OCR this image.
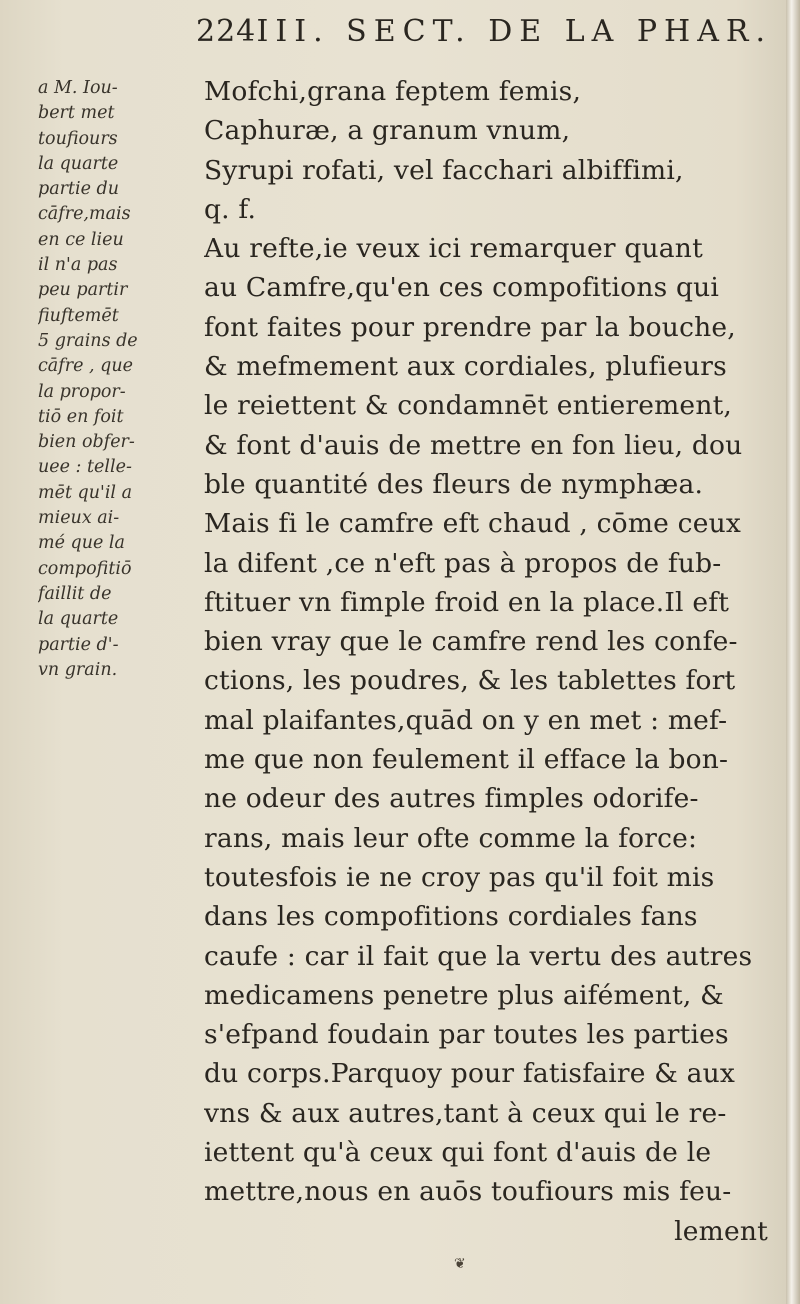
224 III. SECT. DE LA PHAR.
a M. Iou-
bert met
toufiours
la quarte
partie du
cāfre,mais
en ce lieu
il n'a pas
peu partir
fiuftemēt
5 grains de
cāfre , que
la propor-
tiō en foit
bien obfer-
uee : telle-
mēt qu'il a
mieux ai-
mé que la
compofitiō
faillit de
la quarte
partie d'-
vn grain.
Mofchi,grana feptem femis,
Caphuræ, a granum vnum,
Syrupi rofati, vel facchari albiffimi,
q. f.
Au refte,ie veux ici remarquer quant
au Camfre,qu'en ces compofitions qui
font faites pour prendre par la bouche,
& mefmement aux cordiales, plufieurs
le reiettent & condamnēt entierement,
& font d'auis de mettre en fon lieu, dou
ble quantité des fleurs de nymphæa.
Mais fi le camfre eft chaud , cōme ceux
la difent ,ce n'eft pas à propos de fub-
ftituer vn fimple froid en la place.Il eft
bien vray que le camfre rend les confe-
ctions, les poudres, & les tablettes fort
mal plaifantes,quād on y en met : mef-
me que non feulement il efface la bon-
ne odeur des autres fimples odorife-
rans, mais leur ofte comme la force:
toutesfois ie ne croy pas qu'il foit mis
dans les compofitions cordiales fans
caufe : car il fait que la vertu des autres
medicamens penetre plus aifément, &
s'efpand foudain par toutes les parties
du corps.Parquoy pour fatisfaire & aux
vns & aux autres,tant à ceux qui le re-
iettent qu'à ceux qui font d'auis de le
mettre,nous en auōs toufiours mis feu-
lement
❦
